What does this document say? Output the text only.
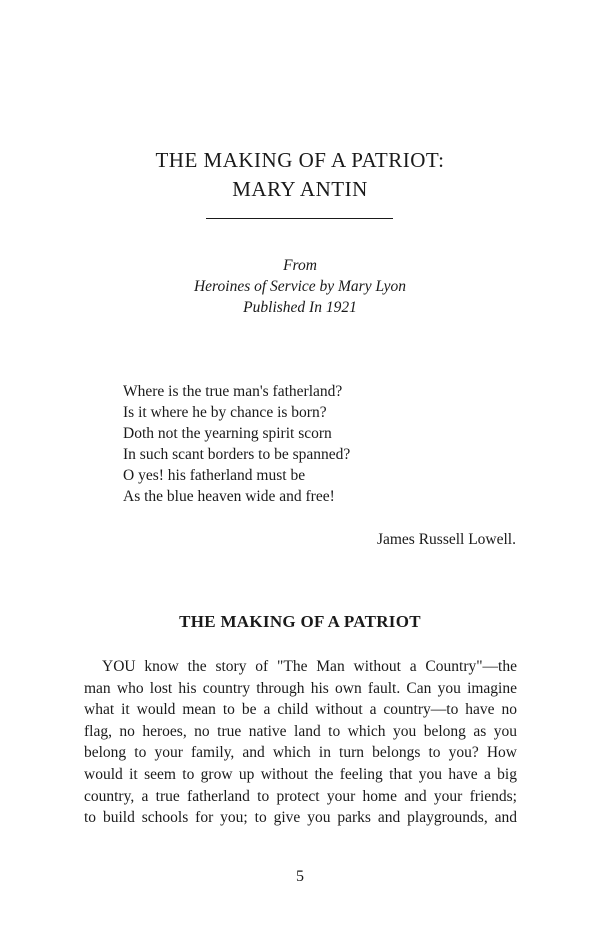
THE MAKING OF A PATRIOT:
MARY ANTIN
From
Heroines of Service by Mary Lyon
Published In 1921
Where is the true man's fatherland?
Is it where he by chance is born?
Doth not the yearning spirit scorn
In such scant borders to be spanned?
O yes! his fatherland must be
As the blue heaven wide and free!
James Russell Lowell.
THE MAKING OF A PATRIOT
YOU know the story of "The Man without a Country"—the
man who lost his country through his own fault. Can you imagine
what it would mean to be a child without a country—to have no
flag, no heroes, no true native land to which you belong as you
belong to your family, and which in turn belongs to you? How
would it seem to grow up without the feeling that you have a big
country, a true fatherland to protect your home and your friends;
to build schools for you; to give you parks and playgrounds, and
5
